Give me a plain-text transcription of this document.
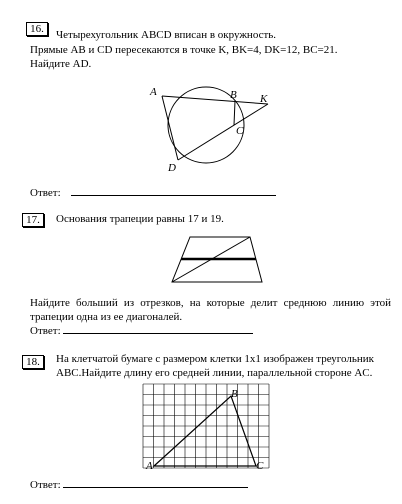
16.	Четырехугольник ABCD вписан в окружность.
Прямые AB и CD пересекаются в точке K, BK=4, DK=12, BC=21.
Найдите AD.
A	B K
C
D
Ответ:
17.	Основания трапеции равны 17 и 19.
Найдите больший из отрезков, на которые делит среднюю линию этой
трапеции одна из ее диагоналей.
Ответ:
18.	На клетчатой бумаге с размером клетки 1x1 изображен треугольник
ABC.Найдите длину его средней линии, параллельной стороне AC.
B
A	C
Ответ:
